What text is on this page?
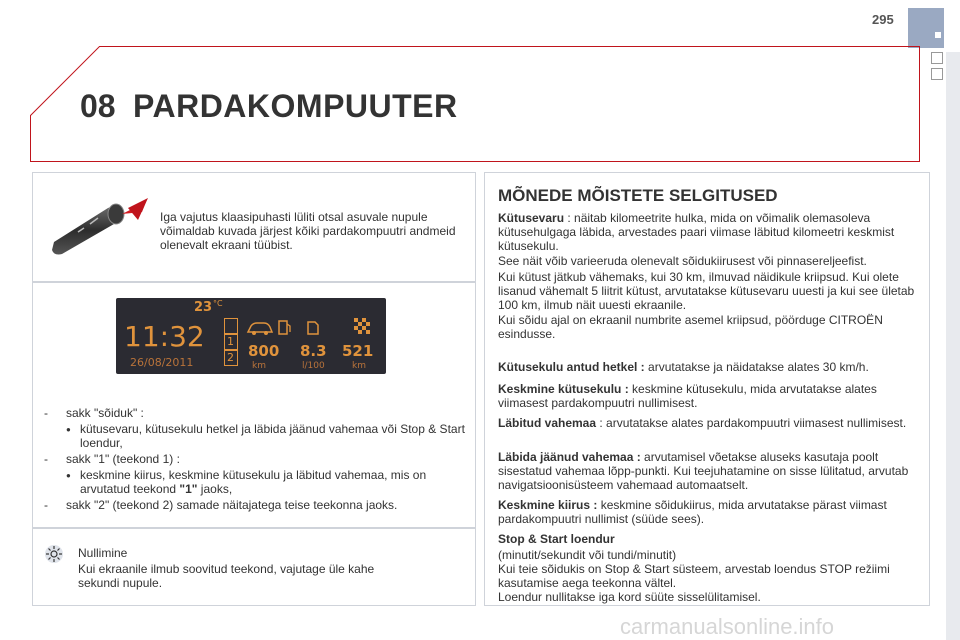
295
08 PARDAKOMPUUTER
Iga vajutus klaasipuhasti lüliti otsal asuvale nupule võimaldab kuvada järjest kõiki pardakompuutri andmeid olenevalt ekraani tüübist.
23 °C
11:32
26/08/2011
1
2 800
km
8.3
l/100
521
km
- sakk "sõiduk" :
● kütusevaru, kütusekulu hetkel ja läbida jäänud vahemaa või Stop & Start loendur,
- sakk "1" (teekond 1) :
● keskmine kiirus, keskmine kütusekulu ja läbitud vahemaa, mis on arvutatud teekond "1" jaoks,
- sakk "2" (teekond 2) samade näitajatega teise teekonna jaoks.
Nullimine
Kui ekraanile ilmub soovitud teekond, vajutage üle kahe sekundi nupule.
MÕNEDE MÕISTETE SELGITUSED
Kütusevaru : näitab kilomeetrite hulka, mida on võimalik olemasoleva kütusehulgaga läbida, arvestades paari viimase läbitud kilomeetri keskmist kütusekulu.
See näit võib varieeruda olenevalt sõidukiirusest või pinnasereljeefist.
Kui kütust jätkub vähemaks, kui 30 km, ilmuvad näidikule kriipsud. Kui olete lisanud vähemalt 5 liitrit kütust, arvutatakse kütusevaru uuesti ja kui see ületab 100 km, ilmub näit uuesti ekraanile.
Kui sõidu ajal on ekraanil numbrite asemel kriipsud, pöörduge CITROËN esindusse.
Kütusekulu antud hetkel : arvutatakse ja näidatakse alates 30 km/h.
Keskmine kütusekulu : keskmine kütusekulu, mida arvutatakse alates viimasest pardakompuutri nullimisest.
Läbitud vahemaa : arvutatakse alates pardakompuutri viimasest nullimisest.
Läbida jäänud vahemaa : arvutamisel võetakse aluseks kasutaja poolt sisestatud vahemaa lõpp-punkti. Kui teejuhatamine on sisse lülitatud, arvutab navigatsioonisüsteem vahemaad automaatselt.
Keskmine kiirus : keskmine sõidukiirus, mida arvutatakse pärast viimast pardakompuutri nullimist (süüde sees).
Stop & Start loendur
(minutit/sekundit või tundi/minutit)
Kui teie sõidukis on Stop & Start süsteem, arvestab loendus STOP režiimi kasutamise aega teekonna vältel.
Loendur nullitakse iga kord süüte sisselülitamisel.
carmanualsonline.info
